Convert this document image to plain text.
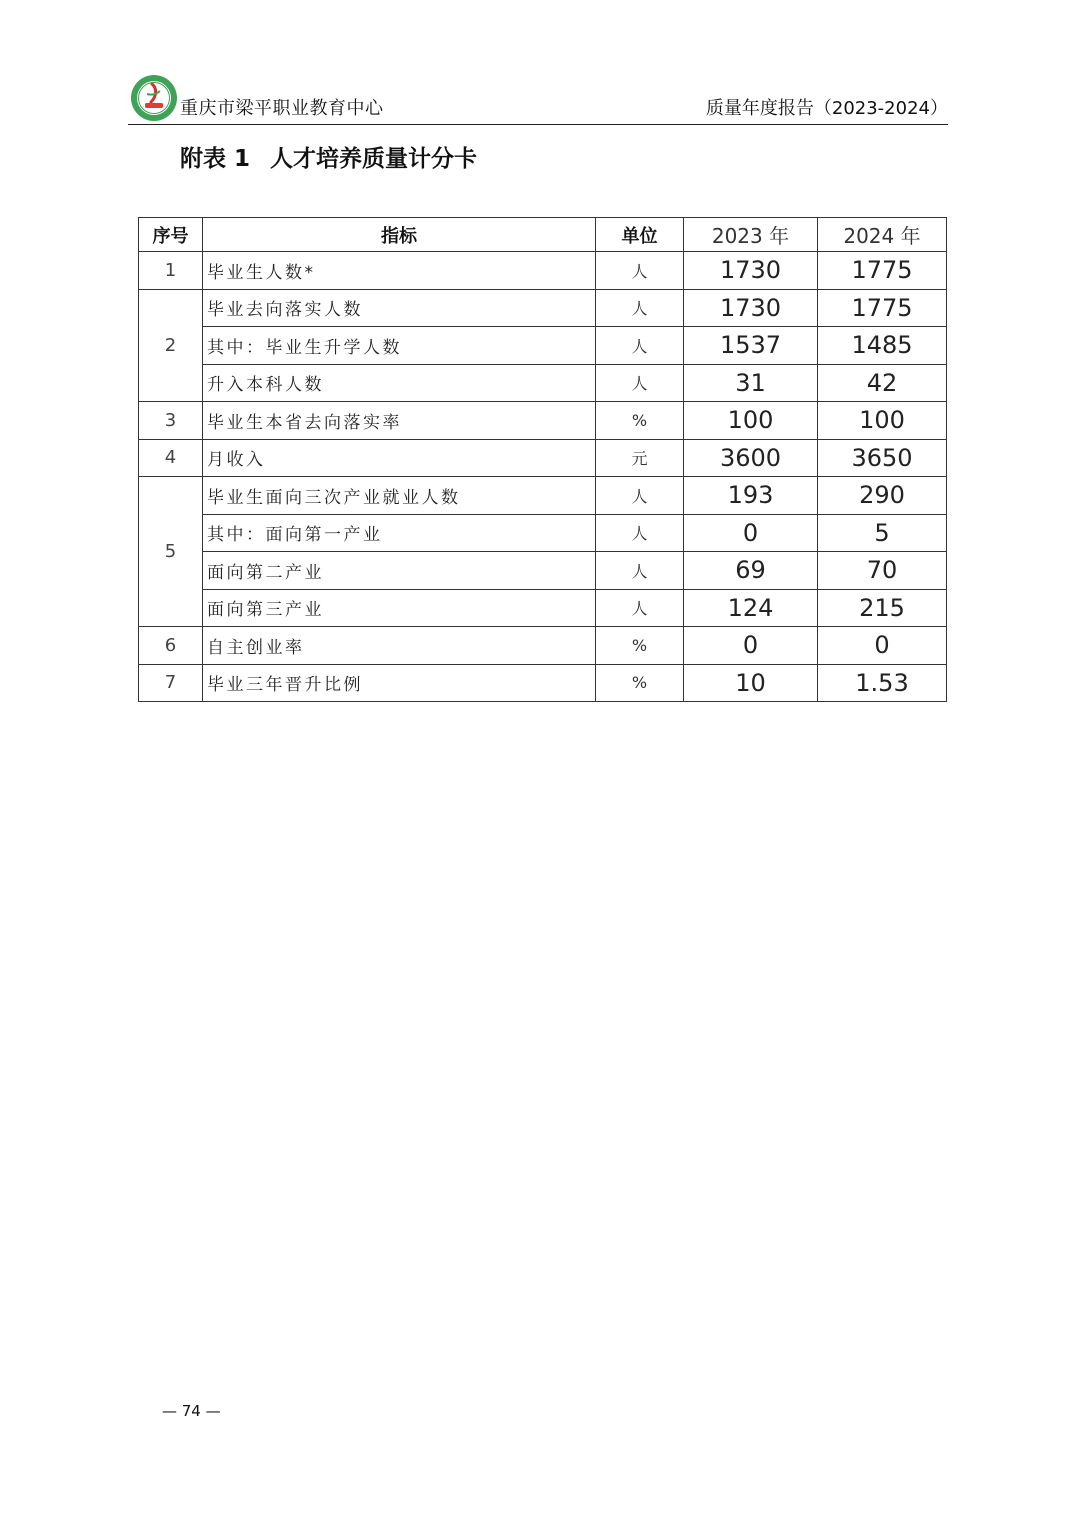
重庆市梁平职业教育中心	质量年度报告（2023-2024）
附表 1 人才培养质量计分卡
序号	指标	单位	2023 年	2024 年
1	毕业生人数*	人	1730	1775
2	毕业去向落实人数	人	1730	1775
	其中：毕业生升学人数	人	1537	1485
	升入本科人数	人	31	42
3	毕业生本省去向落实率	%	100	100
4	月收入	元	3600	3650
5	毕业生面向三次产业就业人数	人	193	290
	其中：面向第一产业	人	0	5
	面向第二产业	人	69	70
	面向第三产业	人	124	215
6	自主创业率	%	0	0
7	毕业三年晋升比例	%	10	1.53
— 74 —
